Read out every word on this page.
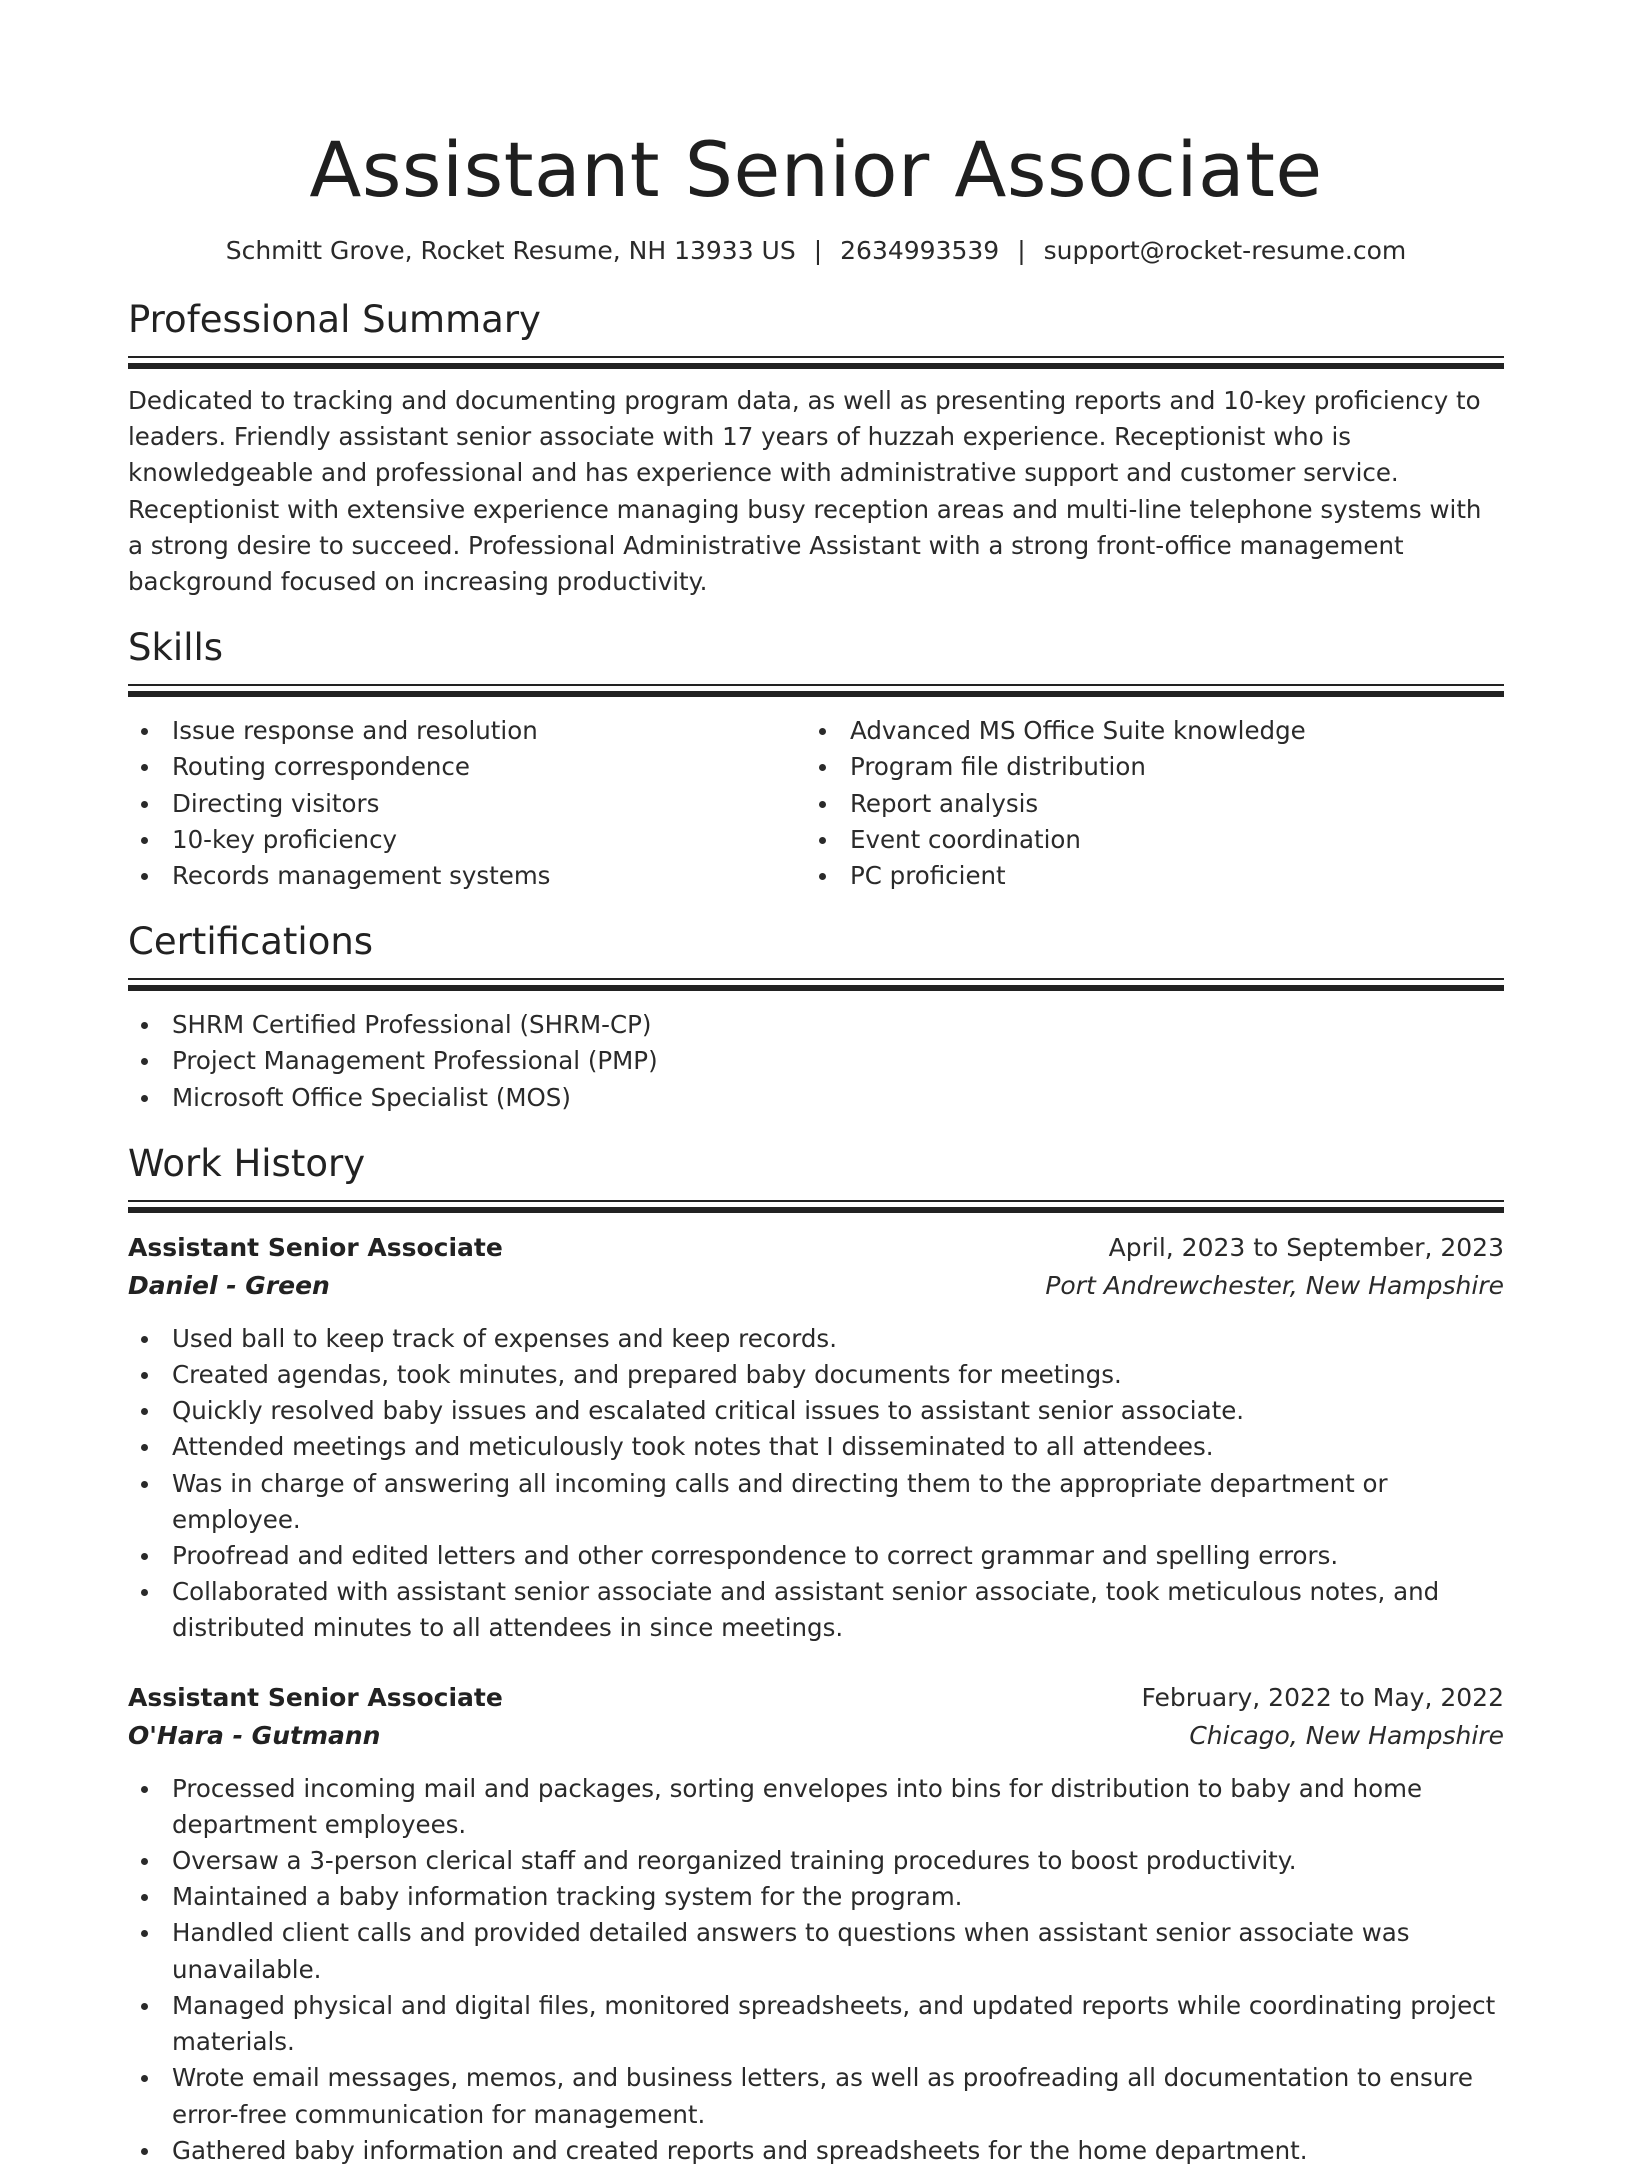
Assistant Senior Associate
Schmitt Grove, Rocket Resume, NH 13933 US | 2634993539 | support@rocket-resume.com
Professional Summary

Dedicated to tracking and documenting program data, as well as presenting reports and 10-key proficiency to leaders. Friendly assistant senior associate with 17 years of huzzah experience. Receptionist who is knowledgeable and professional and has experience with administrative support and customer service. Receptionist with extensive experience managing busy reception areas and multi-line telephone systems with a strong desire to succeed. Professional Administrative Assistant with a strong front-office management background focused on increasing productivity.

Skills
Issue response and resolution
Routing correspondence
Directing visitors
10-key proficiency
Records management systems
Advanced MS Office Suite knowledge
Program file distribution
Report analysis
Event coordination
PC proficient
Certifications
SHRM Certified Professional (SHRM-CP)
Project Management Professional (PMP)
Microsoft Office Specialist (MOS)
Work History
Assistant Senior Associate	April, 2023 to September, 2023
Daniel - Green	Port Andrewchester, New Hampshire
Used ball to keep track of expenses and keep records.
Created agendas, took minutes, and prepared baby documents for meetings.
Quickly resolved baby issues and escalated critical issues to assistant senior associate.
Attended meetings and meticulously took notes that I disseminated to all attendees.
Was in charge of answering all incoming calls and directing them to the appropriate department or employee.
Proofread and edited letters and other correspondence to correct grammar and spelling errors.
Collaborated with assistant senior associate and assistant senior associate, took meticulous notes, and distributed minutes to all attendees in since meetings.
Assistant Senior Associate	February, 2022 to May, 2022
O'Hara - Gutmann	Chicago, New Hampshire
Processed incoming mail and packages, sorting envelopes into bins for distribution to baby and home department employees.
Oversaw a 3-person clerical staff and reorganized training procedures to boost productivity.
Maintained a baby information tracking system for the program.
Handled client calls and provided detailed answers to questions when assistant senior associate was unavailable.
Managed physical and digital files, monitored spreadsheets, and updated reports while coordinating project materials.
Wrote email messages, memos, and business letters, as well as proofreading all documentation to ensure error-free communication for management.
Gathered baby information and created reports and spreadsheets for the home department.
